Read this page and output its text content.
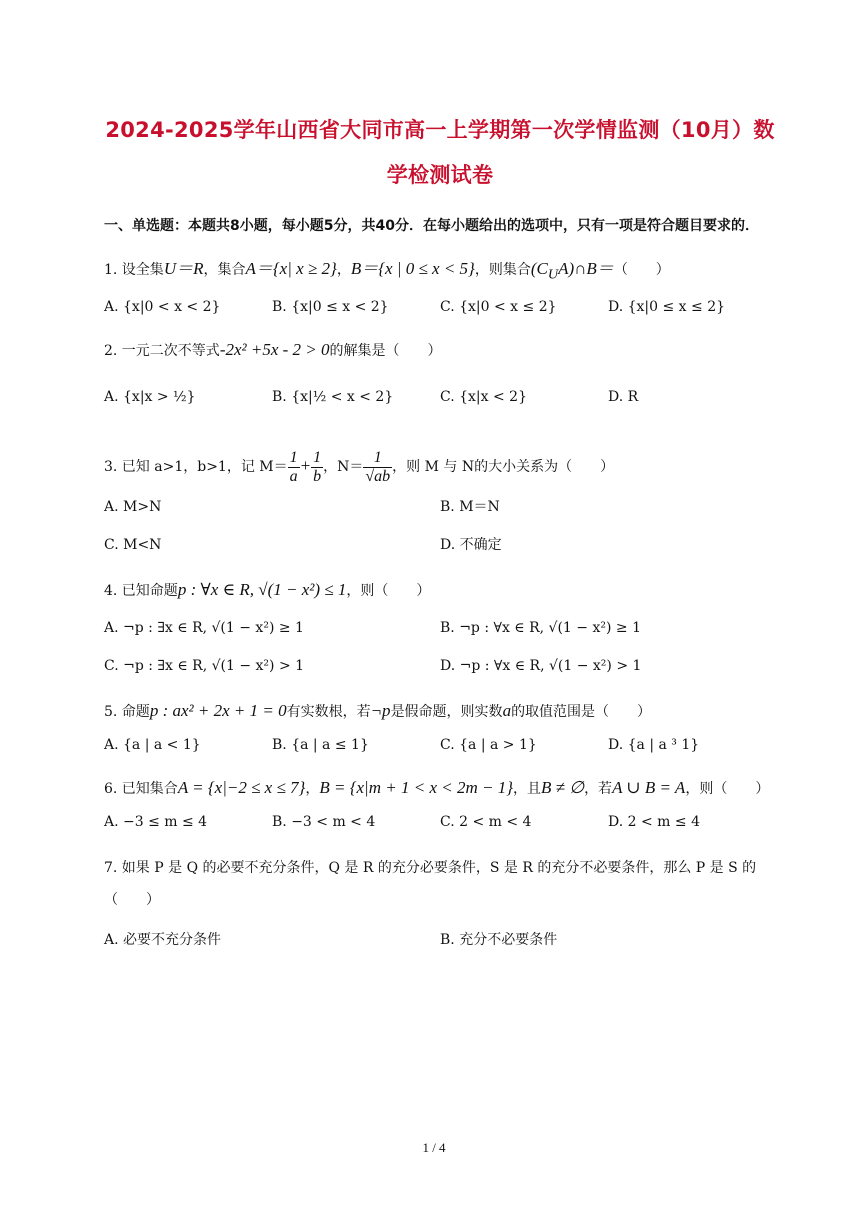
2024-2025学年山西省大同市高一上学期第一次学情监测（10月）数学检测试卷

一、单选题：本题共8小题，每小题5分，共40分．在每小题给出的选项中，只有一项是符合题目要求的．

1. 设全集U＝R，集合A＝{x| x ≥ 2}，B＝{x | 0 ≤ x < 5}，则集合$(C_UA)\cap B=$（　　）

A. {x|0 < x < 2}	B. {x|0 ≤ x < 2}	C. {x|0 < x ≤ 2}	D. {x|0 ≤ x ≤ 2}

2. 一元二次不等式-2x² +5x - 2 > 0的解集是（　　）

A. {x|x > ½}	B. {x|½ < x < 2}	C. {x|x < 2}	D. R

3. 已知 a>1，b>1，记 $M= \frac{1}{a} + \frac{1}{b}$ ，$N= \frac{1}{√ab}$ ，则 M 与 N的大小关系为（　　）

A. M>N	B. M＝N
C. M<N	D. 不确定

4. 已知命题p : ∀x ∈ R, √(1 − x²) ≤ 1，则（　　）

A. ¬p : ∃x ∈ R, √(1 − x²) ≥ 1	B. ¬p : ∀x ∈ R, √(1 − x²) ≥ 1
C. ¬p : ∃x ∈ R, √(1 − x²) > 1	D. ¬p : ∀x ∈ R, √(1 − x²) > 1

5. 命题p : ax² + 2x + 1 = 0有实数根，若¬p是假命题，则实数a的取值范围是（　　）

A. {a | a < 1}	B. {a | a ≤ 1}	C. {a | a > 1}	D. {a | a ³ 1}

6. 已知集合A = {x|−2 ≤ x ≤ 7}，B = {x|m + 1 < x < 2m − 1}，且B ≠ ∅，若A ∪ B = A，则（　　）

A. −3 ≤ m ≤ 4	B. −3 < m < 4	C. 2 < m < 4	D. 2 < m ≤ 4

7. 如果 P 是 Q 的必要不充分条件，Q 是 R 的充分必要条件，S 是 R 的充分不必要条件，那么 P 是 S 的（　　）

A. 必要不充分条件	B. 充分不必要条件
1 / 4
